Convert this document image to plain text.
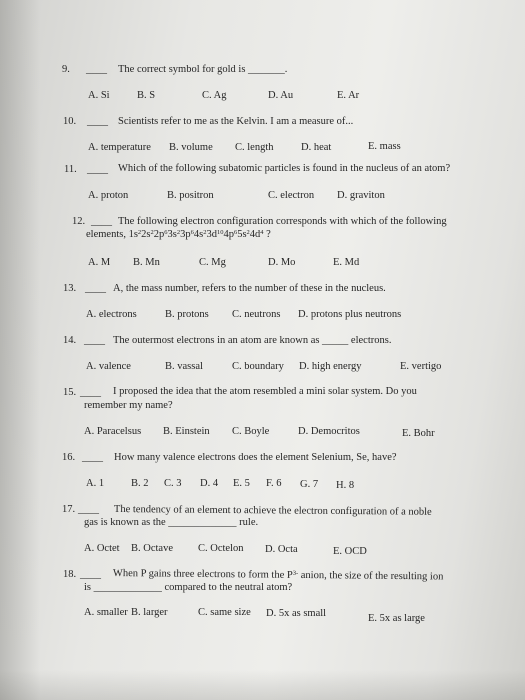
9. ____ The correct symbol for gold is _______.
A. Si	B. S	C. Ag	D. Au	E. Ar
10. ____ Scientists refer to me as the Kelvin. I am a measure of...
A. temperature B. volume C. length	D. heat	E. mass
11. ____ Which of the following subatomic particles is found in the nucleus of an atom?
A. proton	B. positron	C. electron D. graviton
12. ____ The following electron configuration corresponds with which of the following
elements, $1s^22s^22p^63s^23p^64s^23d^{10}4p^65s^24d^4$ ?
A. M B. Mn	C. Mg	D. Mo	E. Md
13. ____ A, the mass number, refers to the number of these in the nucleus.
A. electrons	B. protons C. neutrons D. protons plus neutrons
14. ____ The outermost electrons in an atom are known as _____ electrons.
A. valence	B. vassal	C. boundary D. high energy	E. vertigo
15. ____ I proposed the idea that the atom resembled a mini solar system. Do you
remember my name?
A. Paracelsus B. Einstein C. Boyle	D. Democritos	E. Bohr
16. ____ How many valence electrons does the element Selenium, Se, have?
A. 1	B. 2 C. 3 D. 4 E. 5 F. 6 G. 7 H. 8
17. ____ The tendency of an element to achieve the electron configuration of a noble
gas is known as the _____________ rule.
A. Octet B. Octave C. Octelon D. Octa	E. OCD
18. ____ When P gains three electrons to form the $P^{3-}$ anion, the size of the resulting ion
is _____________ compared to the neutral atom?
A. smaller B. larger	C. same size D. 5x as small	E. 5x as large
